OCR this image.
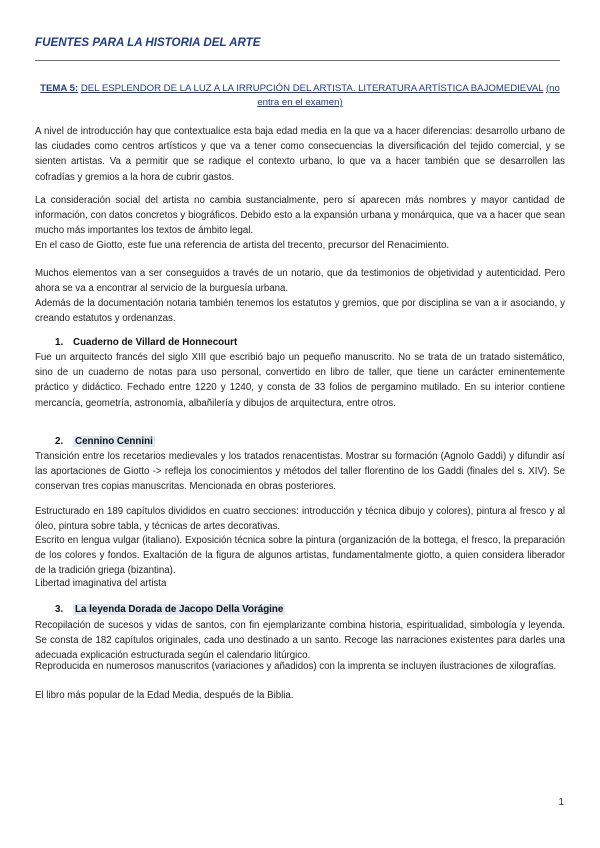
FUENTES PARA LA HISTORIA DEL ARTE
TEMA 5: DEL ESPLENDOR DE LA LUZ A LA IRRUPCIÓN DEL ARTISTA. LITERATURA ARTÍSTICA BAJOMEDIEVAL (no entra en el examen)

A nivel de introducción hay que contextualice esta baja edad media en la que va a hacer diferencias: desarrollo urbano de las ciudades como centros artísticos y que va a tener como consecuencias la diversificación del tejido comercial, y se sienten artistas. Va a permitir que se radique el contexto urbano, lo que va a hacer también que se desarrollen las cofradías y gremios a la hora de cubrir gastos.

La consideración social del artista no cambia sustancialmente, pero sí aparecen más nombres y mayor cantidad de información, con datos concretos y biográficos. Debido esto a la expansión urbana y monárquica, que va a hacer que sean mucho más importantes los textos de ámbito legal.

En el caso de Giotto, este fue una referencia de artista del trecento, precursor del Renacimiento.

Muchos elementos van a ser conseguidos a través de un notario, que da testimonios de objetividad y autenticidad. Pero ahora se va a encontrar al servicio de la burguesía urbana.

Además de la documentación notaria también tenemos los estatutos y gremios, que por disciplina se van a ir asociando, y creando estatutos y ordenanzas.

1. Cuaderno de Villard de Honnecourt

Fue un arquitecto francés del siglo XIII que escribió bajo un pequeño manuscrito. No se trata de un tratado sistemático, sino de un cuaderno de notas para uso personal, convertido en libro de taller, que tiene un carácter eminentemente práctico y didáctico. Fechado entre 1220 y 1240, y consta de 33 folios de pergamino mutilado. En su interior contiene mercancía, geometría, astronomía, albañilería y dibujos de arquitectura, entre otros.

2. Cennino Cennini

Transición entre los recetarios medievales y los tratados renacentistas. Mostrar su formación (Agnolo Gaddi) y difundir así las aportaciones de Giotto -> refleja los conocimientos y métodos del taller florentino de los Gaddi (finales del s. XIV). Se conservan tres copias manuscritas. Mencionada en obras posteriores.

Estructurado en 189 capítulos divididos en cuatro secciones: introducción y técnica dibujo y colores), pintura al fresco y al óleo, pintura sobre tabla, y técnicas de artes decorativas.

Escrito en lengua vulgar (italiano). Exposición técnica sobre la pintura (organización de la bottega, el fresco, la preparación de los colores y fondos. Exaltación de la figura de algunos artistas, fundamentalmente giotto, a quien considera liberador de la tradición griega (bizantina).

Libertad imaginativa del artista

3. La leyenda Dorada de Jacopo Della Vorágine

Recopilación de sucesos y vidas de santos, con fin ejemplarizante combina historia, espiritualidad, simbología y leyenda. Se consta de 182 capítulos originales, cada uno destinado a un santo. Recoge las narraciones existentes para darles una adecuada explicación estructurada según el calendario litúrgico.

Reproducida en numerosos manuscritos (variaciones y añadidos) con la imprenta se incluyen ilustraciones de xilografías.

El libro más popular de la Edad Media, después de la Biblia.

1
